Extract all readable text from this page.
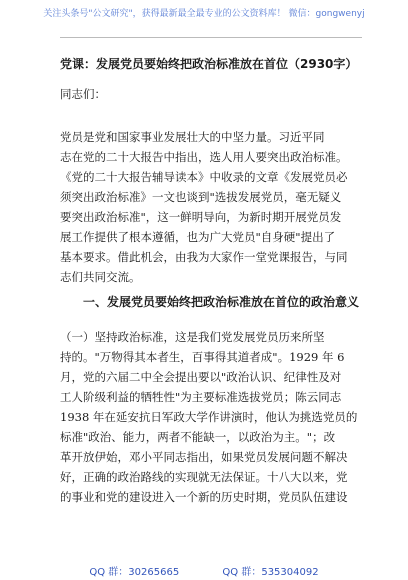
关注头条号"公文研究"，获得最新最全最专业的公文资料库！ 微信：gongwenyj
党课：发展党员要始终把政治标准放在首位（2930字）
同志们：
党员是党和国家事业发展壮大的中坚力量。习近平同
志在党的二十大报告中指出，选人用人要突出政治标准。
《党的二十大报告辅导读本》中收录的文章《发展党员必
须突出政治标准》一文也谈到"选拔发展党员，毫无疑义
要突出政治标准"，这一鲜明导向，为新时期开展党员发
展工作提供了根本遵循，也为广大党员"自身硬"提出了
基本要求。借此机会，由我为大家作一堂党课报告，与同
志们共同交流。
一、发展党员要始终把政治标准放在首位的政治意义
（一）坚持政治标准，这是我们党发展党员历来所坚
持的。"万物得其本者生，百事得其道者成"。1929 年 6
月，党的六届二中全会提出要以"政治认识、纪律性及对
工人阶级利益的牺牲性"为主要标准选拔党员；陈云同志
1938 年在延安抗日军政大学作讲演时，他认为挑选党员的
标准"政治、能力，两者不能缺一，以政治为主。"；改
革开放伊始，邓小平同志指出，如果党员发展问题不解决
好，正确的政治路线的实现就无法保证。十八大以来，党
的事业和党的建设进入一个新的历史时期，党员队伍建设
QQ 群：30265665	QQ 群：535304092
